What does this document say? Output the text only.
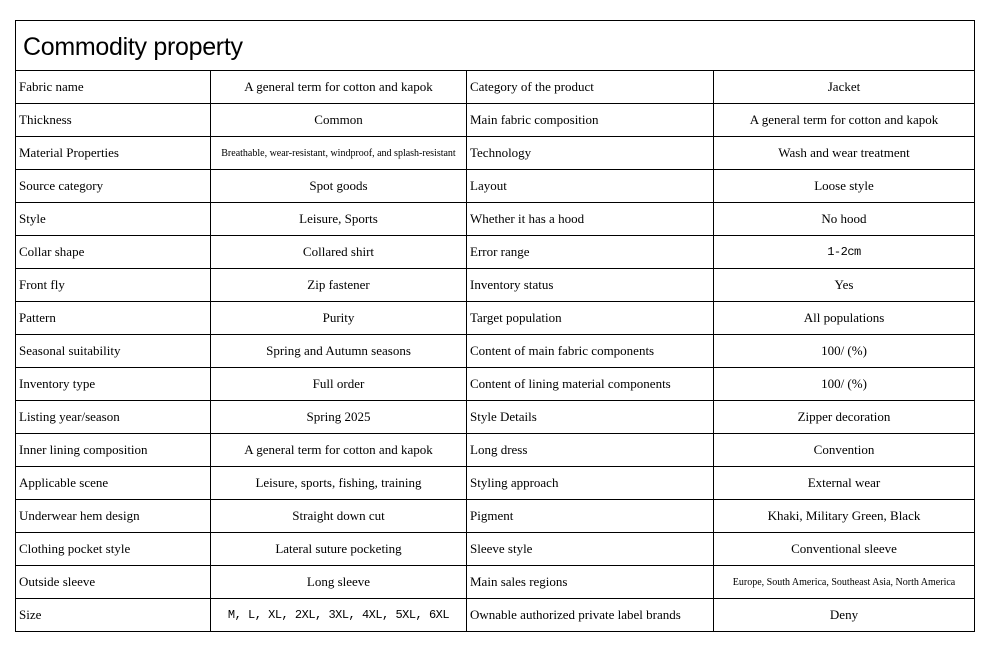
Commodity property			
Fabric name	A general term for cotton and kapok	Category of the product	Jacket
Thickness	Common	Main fabric composition	A general term for cotton and kapok
Material Properties	Breathable, wear-resistant, windproof, and splash-resistant	Technology	Wash and wear treatment
Source category	Spot goods	Layout	Loose style
Style	Leisure, Sports	Whether it has a hood	No hood
Collar shape	Collared shirt	Error range	1-2cm
Front fly	Zip fastener	Inventory status	Yes
Pattern	Purity	Target population	All populations
Seasonal suitability	Spring and Autumn seasons	Content of main fabric components	100/ (%)
Inventory type	Full order	Content of lining material components	100/ (%)
Listing year/season	Spring 2025	Style Details	Zipper decoration
Inner lining composition	A general term for cotton and kapok	Long dress	Convention
Applicable scene	Leisure, sports, fishing, training	Styling approach	External wear
Underwear hem design	Straight down cut	Pigment	Khaki, Military Green, Black
Clothing pocket style	Lateral suture pocketing	Sleeve style	Conventional sleeve
Outside sleeve	Long sleeve	Main sales regions	Europe, South America, Southeast Asia, North America
Size	M, L, XL, 2XL, 3XL, 4XL, 5XL, 6XL	Ownable authorized private label brands	Deny
